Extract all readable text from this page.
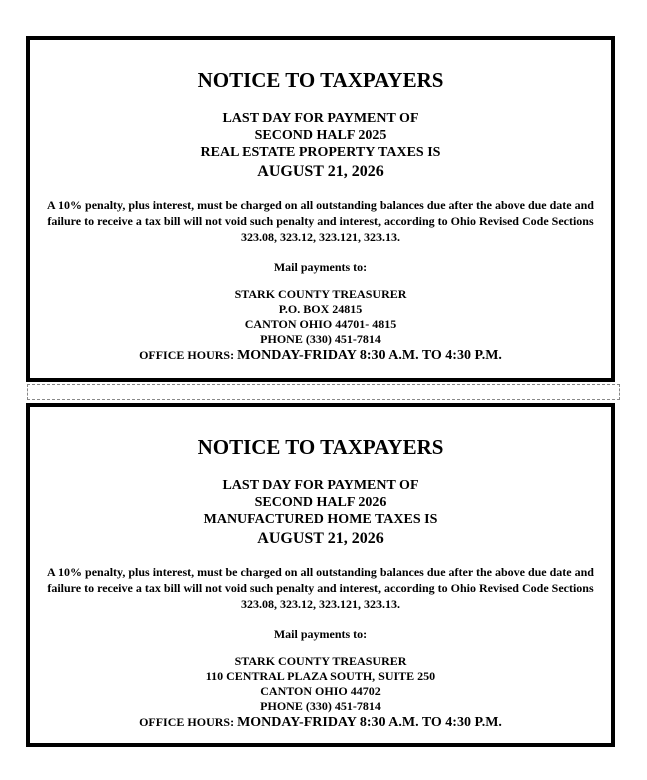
NOTICE TO TAXPAYERS
LAST DAY FOR PAYMENT OF
SECOND HALF 2025
REAL ESTATE PROPERTY TAXES IS
AUGUST 21, 2026
A 10% penalty, plus interest, must be charged on all outstanding balances due after the above due date and failure to receive a tax bill will not void such penalty and interest, according to Ohio Revised Code Sections 323.08, 323.12, 323.121, 323.13.
Mail payments to:
STARK COUNTY TREASURER
P.O. BOX 24815
CANTON OHIO 44701- 4815
PHONE (330) 451-7814
OFFICE HOURS: MONDAY-FRIDAY 8:30 A.M. TO 4:30 P.M.
NOTICE TO TAXPAYERS
LAST DAY FOR PAYMENT OF
SECOND HALF 2026
MANUFACTURED HOME TAXES IS
AUGUST 21, 2026
A 10% penalty, plus interest, must be charged on all outstanding balances due after the above due date and failure to receive a tax bill will not void such penalty and interest, according to Ohio Revised Code Sections 323.08, 323.12, 323.121, 323.13.
Mail payments to:
STARK COUNTY TREASURER
110 CENTRAL PLAZA SOUTH, SUITE 250
CANTON OHIO 44702
PHONE (330) 451-7814
OFFICE HOURS: MONDAY-FRIDAY 8:30 A.M. TO 4:30 P.M.
